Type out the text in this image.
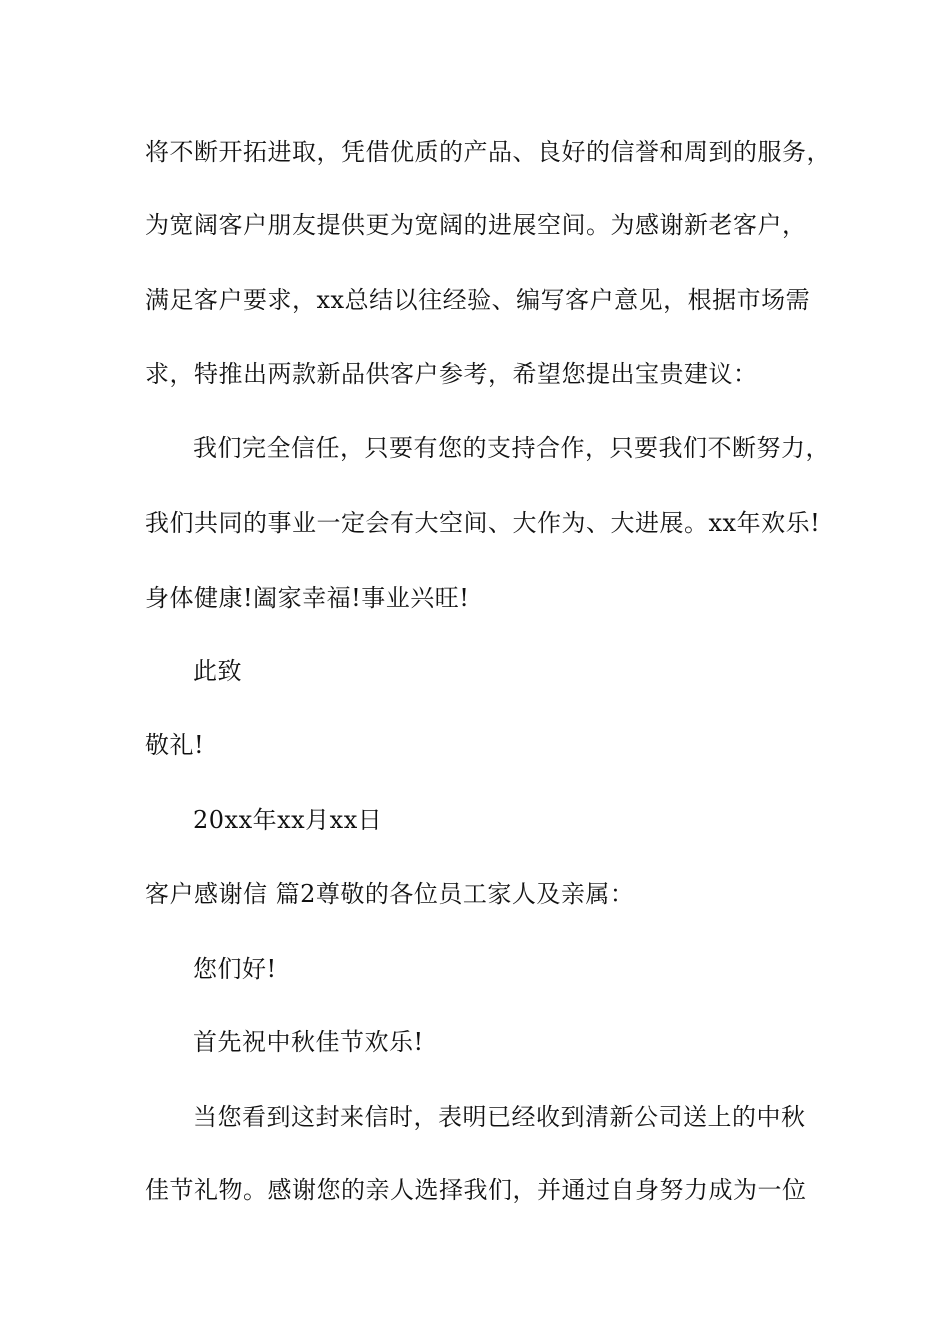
将不断开拓进取，凭借优质的产品、良好的信誉和周到的服务，
为宽阔客户朋友提供更为宽阔的进展空间。为感谢新老客户，
满足客户要求，xx总结以往经验、编写客户意见，根据市场需
求，特推出两款新品供客户参考，希望您提出宝贵建议：
我们完全信任，只要有您的支持合作，只要我们不断努力，
我们共同的事业一定会有大空间、大作为、大进展。xx年欢乐!
身体健康!阖家幸福!事业兴旺!
此致
敬礼!
20xx年xx月xx日
客户感谢信 篇2尊敬的各位员工家人及亲属：
您们好!
首先祝中秋佳节欢乐!
当您看到这封来信时，表明已经收到清新公司送上的中秋
佳节礼物。感谢您的亲人选择我们，并通过自身努力成为一位
